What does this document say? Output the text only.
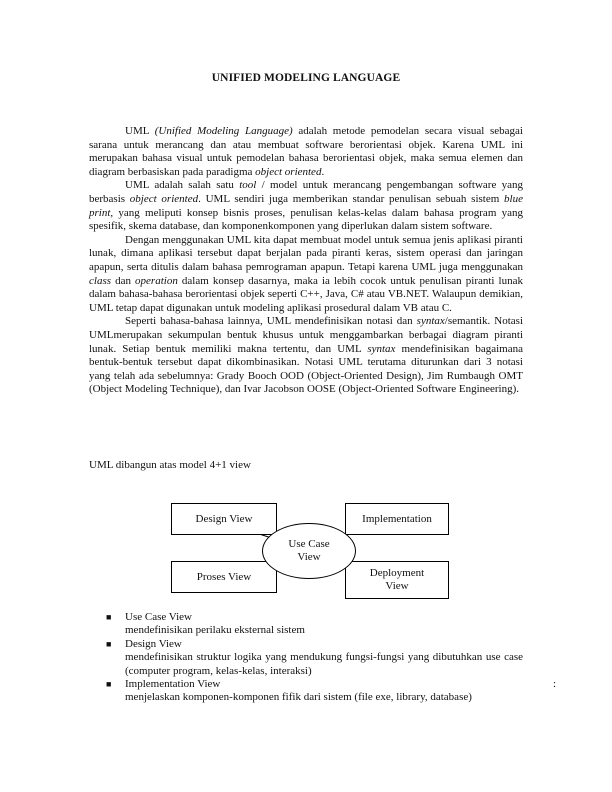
UNIFIED MODELING LANGUAGE

UML (Unified Modeling Language) adalah metode pemodelan secara visual sebagai sarana untuk merancang dan atau membuat software berorientasi objek. Karena UML ini merupakan bahasa visual untuk pemodelan bahasa berorientasi objek, maka semua elemen dan diagram berbasiskan pada paradigma object oriented.

UML adalah salah satu tool / model untuk merancang pengembangan software yang berbasis object oriented. UML sendiri juga memberikan standar penulisan sebuah sistem blue print, yang meliputi konsep bisnis proses, penulisan kelas-kelas dalam bahasa program yang spesifik, skema database, dan komponenkomponen yang diperlukan dalam sistem software.

Dengan menggunakan UML kita dapat membuat model untuk semua jenis aplikasi piranti lunak, dimana aplikasi tersebut dapat berjalan pada piranti keras, sistem operasi dan jaringan apapun, serta ditulis dalam bahasa pemrograman apapun. Tetapi karena UML juga menggunakan class dan operation dalam konsep dasarnya, maka ia lebih cocok untuk penulisan piranti lunak dalam bahasa-bahasa berorientasi objek seperti C++, Java, C# atau VB.NET. Walaupun demikian, UML tetap dapat digunakan untuk modeling aplikasi prosedural dalam VB atau C.

Seperti bahasa-bahasa lainnya, UML mendefinisikan notasi dan syntax/semantik. Notasi UMLmerupakan sekumpulan bentuk khusus untuk menggambarkan berbagai diagram piranti lunak. Setiap bentuk memiliki makna tertentu, dan UML syntax mendefinisikan bagaimana bentuk-bentuk tersebut dapat dikombinasikan. Notasi UML terutama diturunkan dari 3 notasi yang telah ada sebelumnya: Grady Booch OOD (Object-Oriented Design), Jim Rumbaugh OMT (Object Modeling Technique), dan Ivar Jacobson OOSE (Object-Oriented Software Engineering).

UML dibangun atas model 4+1 view
Design View	Implementation
Proses View	Deployment View
Use Case View
■ Use Case View
mendefinisikan perilaku eksternal sistem
■ Design View
mendefinisikan struktur logika yang mendukung fungsi-fungsi yang dibutuhkan use case (computer program, kelas-kelas, interaksi)
■ Implementation View	:
menjelaskan komponen-komponen fifik dari sistem (file exe, library, database)
